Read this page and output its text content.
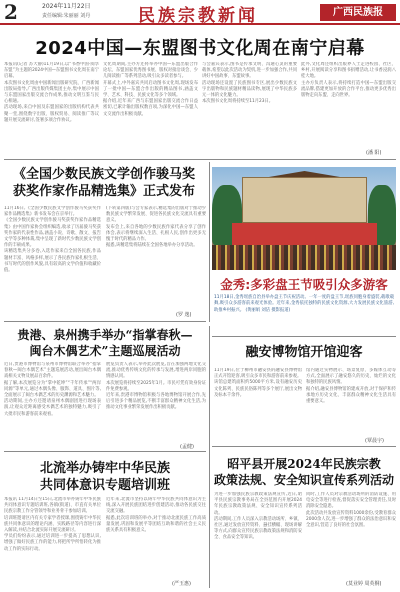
2	2024年11月22日
责任编辑:朱丽丽 刘丹	民族宗教新闻	广西民族报
2024中国—东盟图书文化周在南宁启幕
本报讯(记者 苏大静)11月19日,以“书香中国·阅享东盟”为主题的2024中国—东盟图书文化周在南宁启幕。
本次图书文化周由中国新闻出版研究院、广西新闻出版局指导,广西出版传媒集团主办,集中展示中国与东盟国家出版交流合作成果,推动文明互鉴与民心相通。
活动现场,来自中国及东盟国家的出版机构代表共聚一堂,围绕数字出版、版权贸易、阅读推广等议题开展交流研讨,签署多项合作协议。
文化周期间,主办方还将举办中国—东盟出版合作论坛、东盟国家优秀图书展、版权对接洽谈会、少儿阅读推广等系列活动,吸引众多读者参与。
开幕式上,中外嘉宾共同启动图书文化周,现场发布了一批中国—东盟合作出版的精品图书,涵盖文学、艺术、科技、民族文化等多个领域。
据介绍,近年来广西与东盟国家出版交流合作日益密切,已累计输出版权数百项,为深化中国—东盟人文交流作出积极贡献。
与会嘉宾表示,图书是传承文明、沟通心灵的重要载体,希望以此次活动为契机,进一步加强合作,共同讲好中国故事、东盟故事。
活动现场还设置了民族图书专区,展出少数民族文字出版物和民族题材精品读物,展现了中华民族多元一体的文化魅力。
本次图书文化周将持续至11月23日。
此外,文化周还组织出版界人士走进校园、社区、乡村,开展阅读分享和图书捐赠活动,让书香浸润八桂大地。
主办方负责人表示,将持续打造中国—东盟出版交流品牌,搭建更加开放的合作平台,推动更多优秀出版物走向东盟、走向世界。
(潘 阳)
《全国少数民族文学创作骏马奖
获奖作家作品精选集》正式发布
11月16日,《全国少数民族文学创作骏马奖获奖作家作品精选集》新书发布会在京举行。
《全国少数民族文学创作骏马奖获奖作家作品精选集》由中国作家协会组织编选,收录了历届骏马奖获奖作家的代表性作品,涵盖小说、诗歌、散文、报告文学等多种体裁,集中呈现了新时代少数民族文学创作的丰硕成果。
该精选集共分多卷,入选作家来自全国各民族,作品题材丰富、风格多样,展示了各民族作家扎根生活、书写时代的创作风貌,具有较高的文学价值和收藏价值。
(下转第四版)与会专家表示,精选集的出版对于推动少数民族文学繁荣发展、促进各民族文化交流具有重要意义。
发布会上,来自各地的少数民族作家代表分享了创作体会,表示将继续深入生活、扎根人民,创作出更多无愧于时代的精品力作。
据悉,该精选集将陆续在全国各地举办分享活动。
(罗 逸)
金秀:多彩盘王节吸引众多游客
11月18日,金秀瑶族自治县举办盘王节庆祝活动。一年一度的盘王节,瑶族同胞身着盛装,载歌载舞,吸引众多游客前来观光体验。近年来,金秀依托独特的民族文化资源,大力发展民族文化旅游,助推乡村振兴。 (黄丽娟 刘洁 摄影报道)
贵港、泉州携手举办“指掌春秋—
闽台木偶艺术”主题巡展活动
近日,贵港市博物馆与泉州市博物馆联合举办“指掌春秋—闽台木偶艺术”主题巡展活动,展出闽台木偶戏相关文物及展品百余件。
据了解,本次展览分为“掌中乾坤”“千年传承”“两岸同源”等单元,通过木偶头像、服饰、道具、图片等,全面展示了闽台木偶艺术的历史渊源和艺术魅力。
活动期间,主办方还邀请泉州木偶剧团进行现场表演,让观众近距离感受木偶艺术的独特魅力,吸引了大批市民和游客前来观看。
展览负责人表示,举办此次展览,旨在加强两地文化交流,推动优秀传统文化的传承与发展,增进两岸同胞的情感认同。
本次展览将持续至2025年1月。市民可凭有效身份证件免费参观。
近年来,贵港市博物馆积极与各地博物馆开展合作,先后引进多个精品展览,不断丰富群众精神文化生活,为推动文化事业繁荣发展作出积极贡献。
(孟健)
融安博物馆开馆迎客
11月19日,位于柳州市融安县的融安县博物馆正式开馆迎客,吸引众多市民和游客前来参观。
该馆总建筑面积约5000平方米,设有融安历史文化陈列、民族民俗陈列等多个展厅,展出文物及标本千余件。
馆内通过实物展示、场景复原、多媒体互动等方式,全面展示了融安悠久的历史、灿烂的文化和独特的民族风情。
据介绍,融安县博物馆的建成开放,对于保护和传承地方历史文化、丰富群众精神文化生活具有重要意义。
(覃晨宇)
北流举办铸牢中华民族
共同体意识专题培训班
本报讯 11月14日至15日,北流市举办铸牢中华民族共同体意识专题培训班,各镇(街道)、市直有关单位民族宗教工作分管领导和业务骨干参加培训。
培训班邀请区内有关专家学者授课,围绕铸牢中华民族共同体意识的理论内涵、实践路径等内容进行深入解读,并结合北流实际开展交流研讨。
学员们纷纷表示,通过培训进一步提高了思想认识,增强了做好民族工作的能力,将把所学所悟转化为推动工作的实际行动。
近年来,北流市坚持以铸牢中华民族共同体意识为主线,深入开展民族团结进步创建活动,推动各民族交往交流交融。
据悉,此次培训班的举办,对于推动北流民族工作高质量发展,巩固和发展平等团结互助和谐的社会主义民族关系具有积极意义。
(严玉惠)
昭平县开展2024年民族宗教
政策法规、安全知识宣传系列活动
为进一步加强民族宗教政策法规宣传,近日,昭平县民族宗教事务局在全县范围内开展2024年民族宗教政策法规、安全知识宣传系列活动。
活动期间,工作人员深入宗教活动场所、乡镇、社区,通过发放宣传资料、悬挂横幅、现场讲解等方式,向群众宣传民族宗教政策法规和消防安全、食品安全等知识。
同时,工作人员对宗教活动场所的消防设施、用电安全等进行检查,督促落实安全管理责任,及时消除安全隐患。
此次活动共发放宣传资料1000余份,受教育群众2000余人次,进一步增强了群众的法治意识和安全意识,营造了良好的社会氛围。
(莫业婷 周英桐)
